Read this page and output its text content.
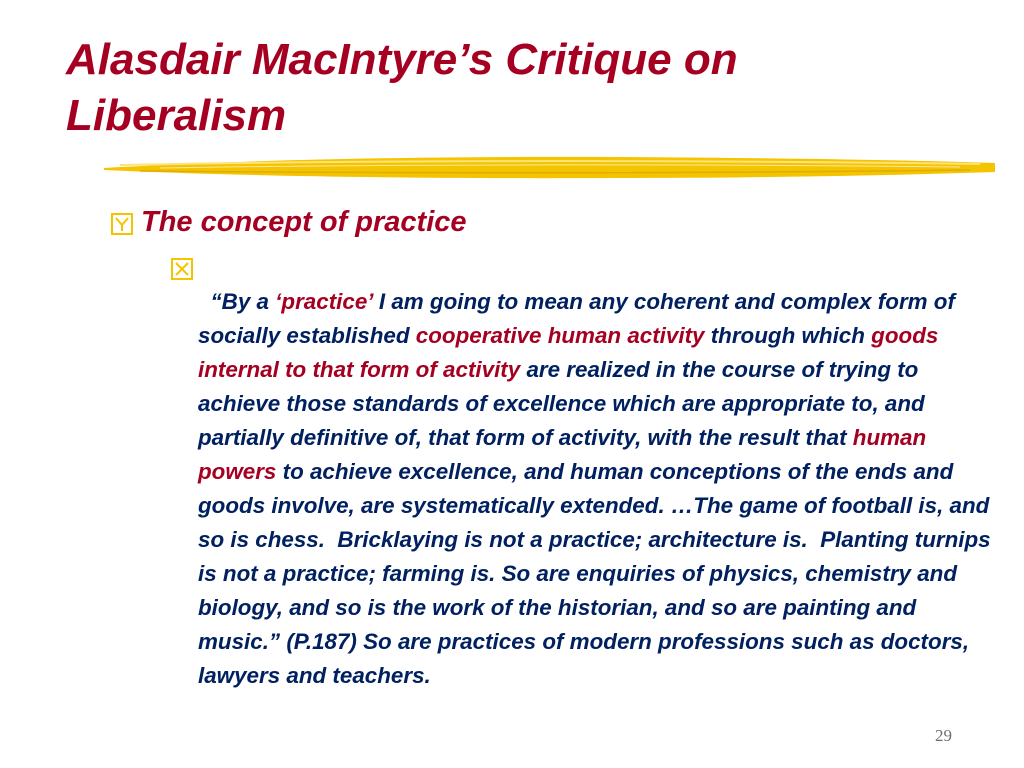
Alasdair MacIntyre’s Critique on Liberalism
The concept of practice

“By a ‘practice’ I am going to mean any coherent and complex form of socially established cooperative human activity through which goods internal to that form of activity are realized in the course of trying to achieve those standards of excellence which are appropriate to, and partially definitive of, that form of activity, with the result that human powers to achieve excellence, and human conceptions of the ends and goods involve, are systematically extended. …The game of football is, and so is chess.  Bricklaying is not a practice; architecture is.  Planting turnips is not a practice; farming is. So are enquiries of physics, chemistry and biology, and so is the work of the historian, and so are painting and music.” (P.187) So are practices of modern professions such as doctors, lawyers and teachers.

29
